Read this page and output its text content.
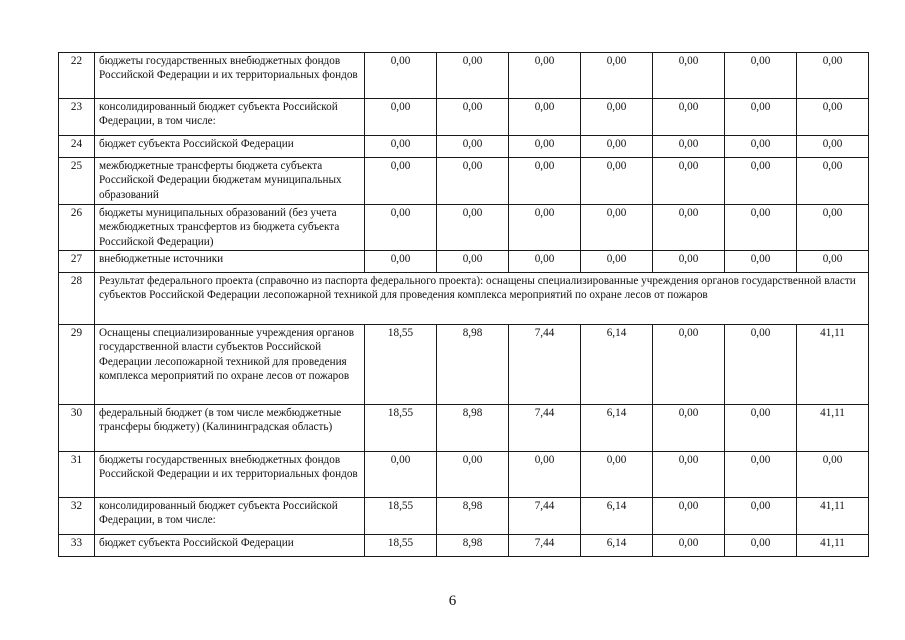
22	бюджеты государственных внебюджетных фондов Российской Федерации и их территориальных фондов	0,00	0,00	0,00	0,00	0,00	0,00	0,00
23	консолидированный бюджет субъекта Российской Федерации, в том числе:	0,00	0,00	0,00	0,00	0,00	0,00	0,00
24	бюджет субъекта Российской Федерации	0,00	0,00	0,00	0,00	0,00	0,00	0,00
25	межбюджетные трансферты бюджета субъекта Российской Федерации бюджетам муниципальных образований	0,00	0,00	0,00	0,00	0,00	0,00	0,00
26	бюджеты муниципальных образований (без учета межбюджетных трансфертов из бюджета субъекта Российской Федерации)	0,00	0,00	0,00	0,00	0,00	0,00	0,00
27	внебюджетные источники	0,00	0,00	0,00	0,00	0,00	0,00	0,00
28	Результат федерального проекта (справочно из паспорта федерального проекта): оснащены специализированные учреждения органов государственной власти субъектов Российской Федерации лесопожарной техникой для проведения комплекса мероприятий по охране лесов от пожаров							
29	Оснащены специализированные учреждения органов государственной власти субъектов Российской Федерации лесопожарной техникой для проведения комплекса мероприятий по охране лесов от пожаров	18,55	8,98	7,44	6,14	0,00	0,00	41,11
30	федеральный бюджет (в том числе межбюджетные трансферы бюджету) (Калининградская область)	18,55	8,98	7,44	6,14	0,00	0,00	41,11
31	бюджеты государственных внебюджетных фондов Российской Федерации и их территориальных фондов	0,00	0,00	0,00	0,00	0,00	0,00	0,00
32	консолидированный бюджет субъекта Российской Федерации, в том числе:	18,55	8,98	7,44	6,14	0,00	0,00	41,11
33	бюджет субъекта Российской Федерации	18,55	8,98	7,44	6,14	0,00	0,00	41,11
6
